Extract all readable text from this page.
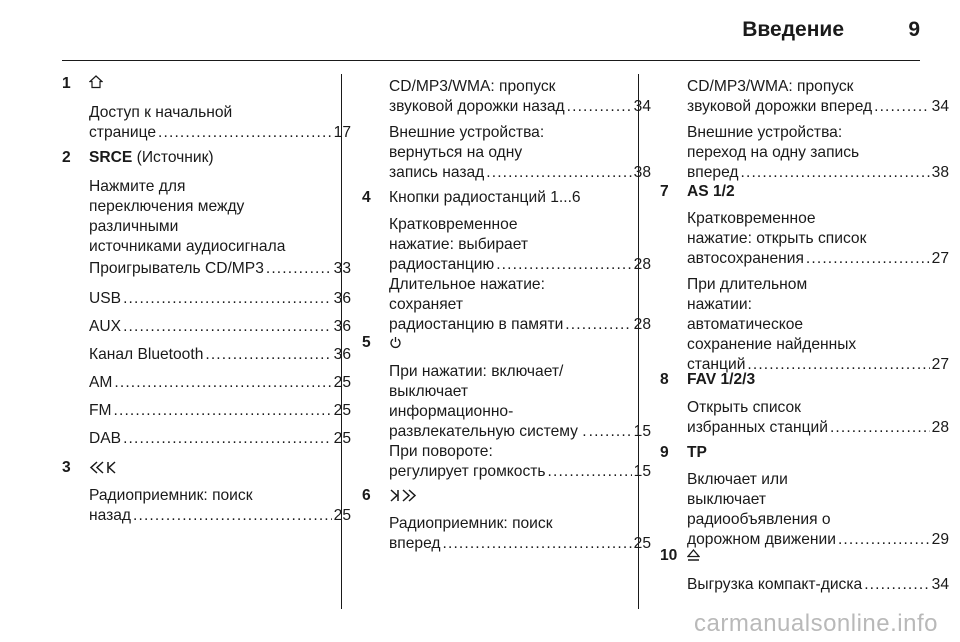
Введение	9
1
Доступ к начальной
странице . . .	17
2 SRCE (Источник)
Нажмите для
переключения между
различными
источниками аудиосигнала
Проигрыватель CD/MP3 . . .	33
USB . . .	36
AUX . . .	36
Канал Bluetooth . . .	36
AM . . .	25
FM . . .	25
DAB . . .	25
3
Радиоприемник: поиск
назад . . .	25
CD/MP3/WMA: пропуск
звуковой дорожки назад . . .	34
Внешние устройства:
вернуться на одну
запись назад . . .	38
4 Кнопки радиостанций 1...6
Кратковременное
нажатие: выбирает
радиостанцию . . .	28
Длительное нажатие:
сохраняет
радиостанцию в памяти . . .	28
5
При нажатии: включает/
выключает
информационно-
развлекательную систему . . . .	15
При повороте:
регулирует громкость . . .	15
6
Радиоприемник: поиск
вперед . . .	25
CD/MP3/WMA: пропуск
звуковой дорожки вперед . . .	34
Внешние устройства:
переход на одну запись
вперед . . .	38
7 AS 1/2
Кратковременное
нажатие: открыть список
автосохранения . . .	27
При длительном
нажатии:
автоматическое
сохранение найденных
станций . . .	27
8 FAV 1/2/3
Открыть список
избранных станций . . .	28
9 TP
Включает или
выключает
радиообъявления о
дорожном движении . . .	29
10
Выгрузка компакт-диска . . .	34
carmanualsonline.info
